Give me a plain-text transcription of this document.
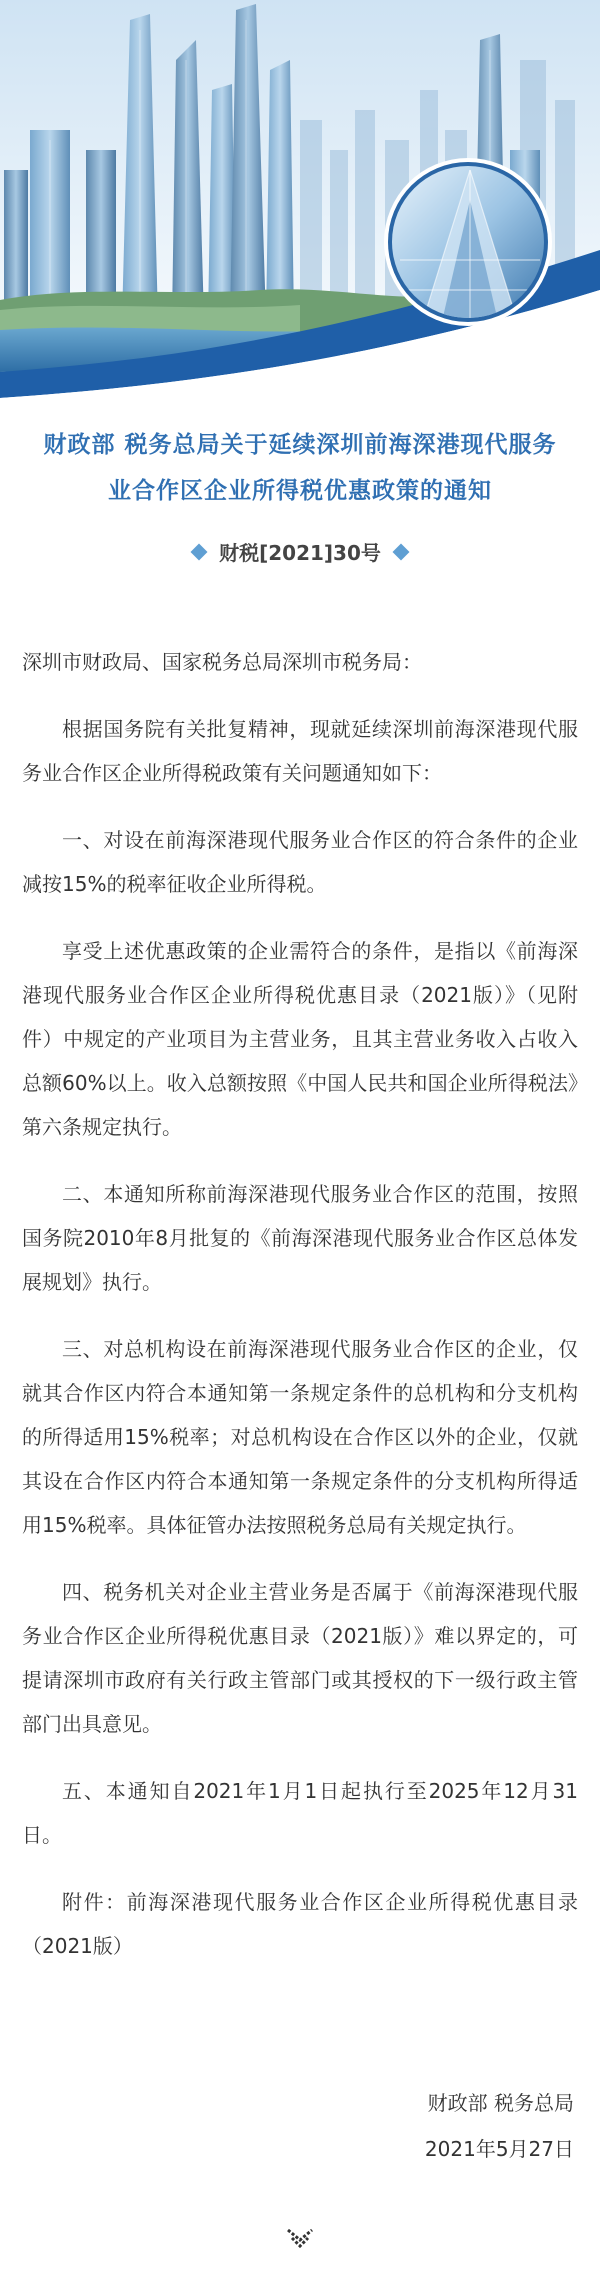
财政部 税务总局关于延续深圳前海深港现代服务
业合作区企业所得税优惠政策的通知
财税[2021]30号

深圳市财政局、国家税务总局深圳市税务局：

根据国务院有关批复精神，现就延续深圳前海深港现代服务业合作区企业所得税政策有关问题通知如下：

一、对设在前海深港现代服务业合作区的符合条件的企业减按15%的税率征收企业所得税。

享受上述优惠政策的企业需符合的条件，是指以《前海深港现代服务业合作区企业所得税优惠目录（2021版）》（见附件）中规定的产业项目为主营业务，且其主营业务收入占收入总额60%以上。收入总额按照《中国人民共和国企业所得税法》第六条规定执行。

二、本通知所称前海深港现代服务业合作区的范围，按照国务院2010年8月批复的《前海深港现代服务业合作区总体发展规划》执行。

三、对总机构设在前海深港现代服务业合作区的企业，仅就其合作区内符合本通知第一条规定条件的总机构和分支机构的所得适用15%税率；对总机构设在合作区以外的企业，仅就其设在合作区内符合本通知第一条规定条件的分支机构所得适用15%税率。具体征管办法按照税务总局有关规定执行。

四、税务机关对企业主营业务是否属于《前海深港现代服务业合作区企业所得税优惠目录（2021版）》难以界定的，可提请深圳市政府有关行政主管部门或其授权的下一级行政主管部门出具意见。

五、本通知自2021年1月1日起执行至2025年12月31日。

附件：前海深港现代服务业合作区企业所得税优惠目录（2021版）

财政部 税务总局
2021年5月27日
